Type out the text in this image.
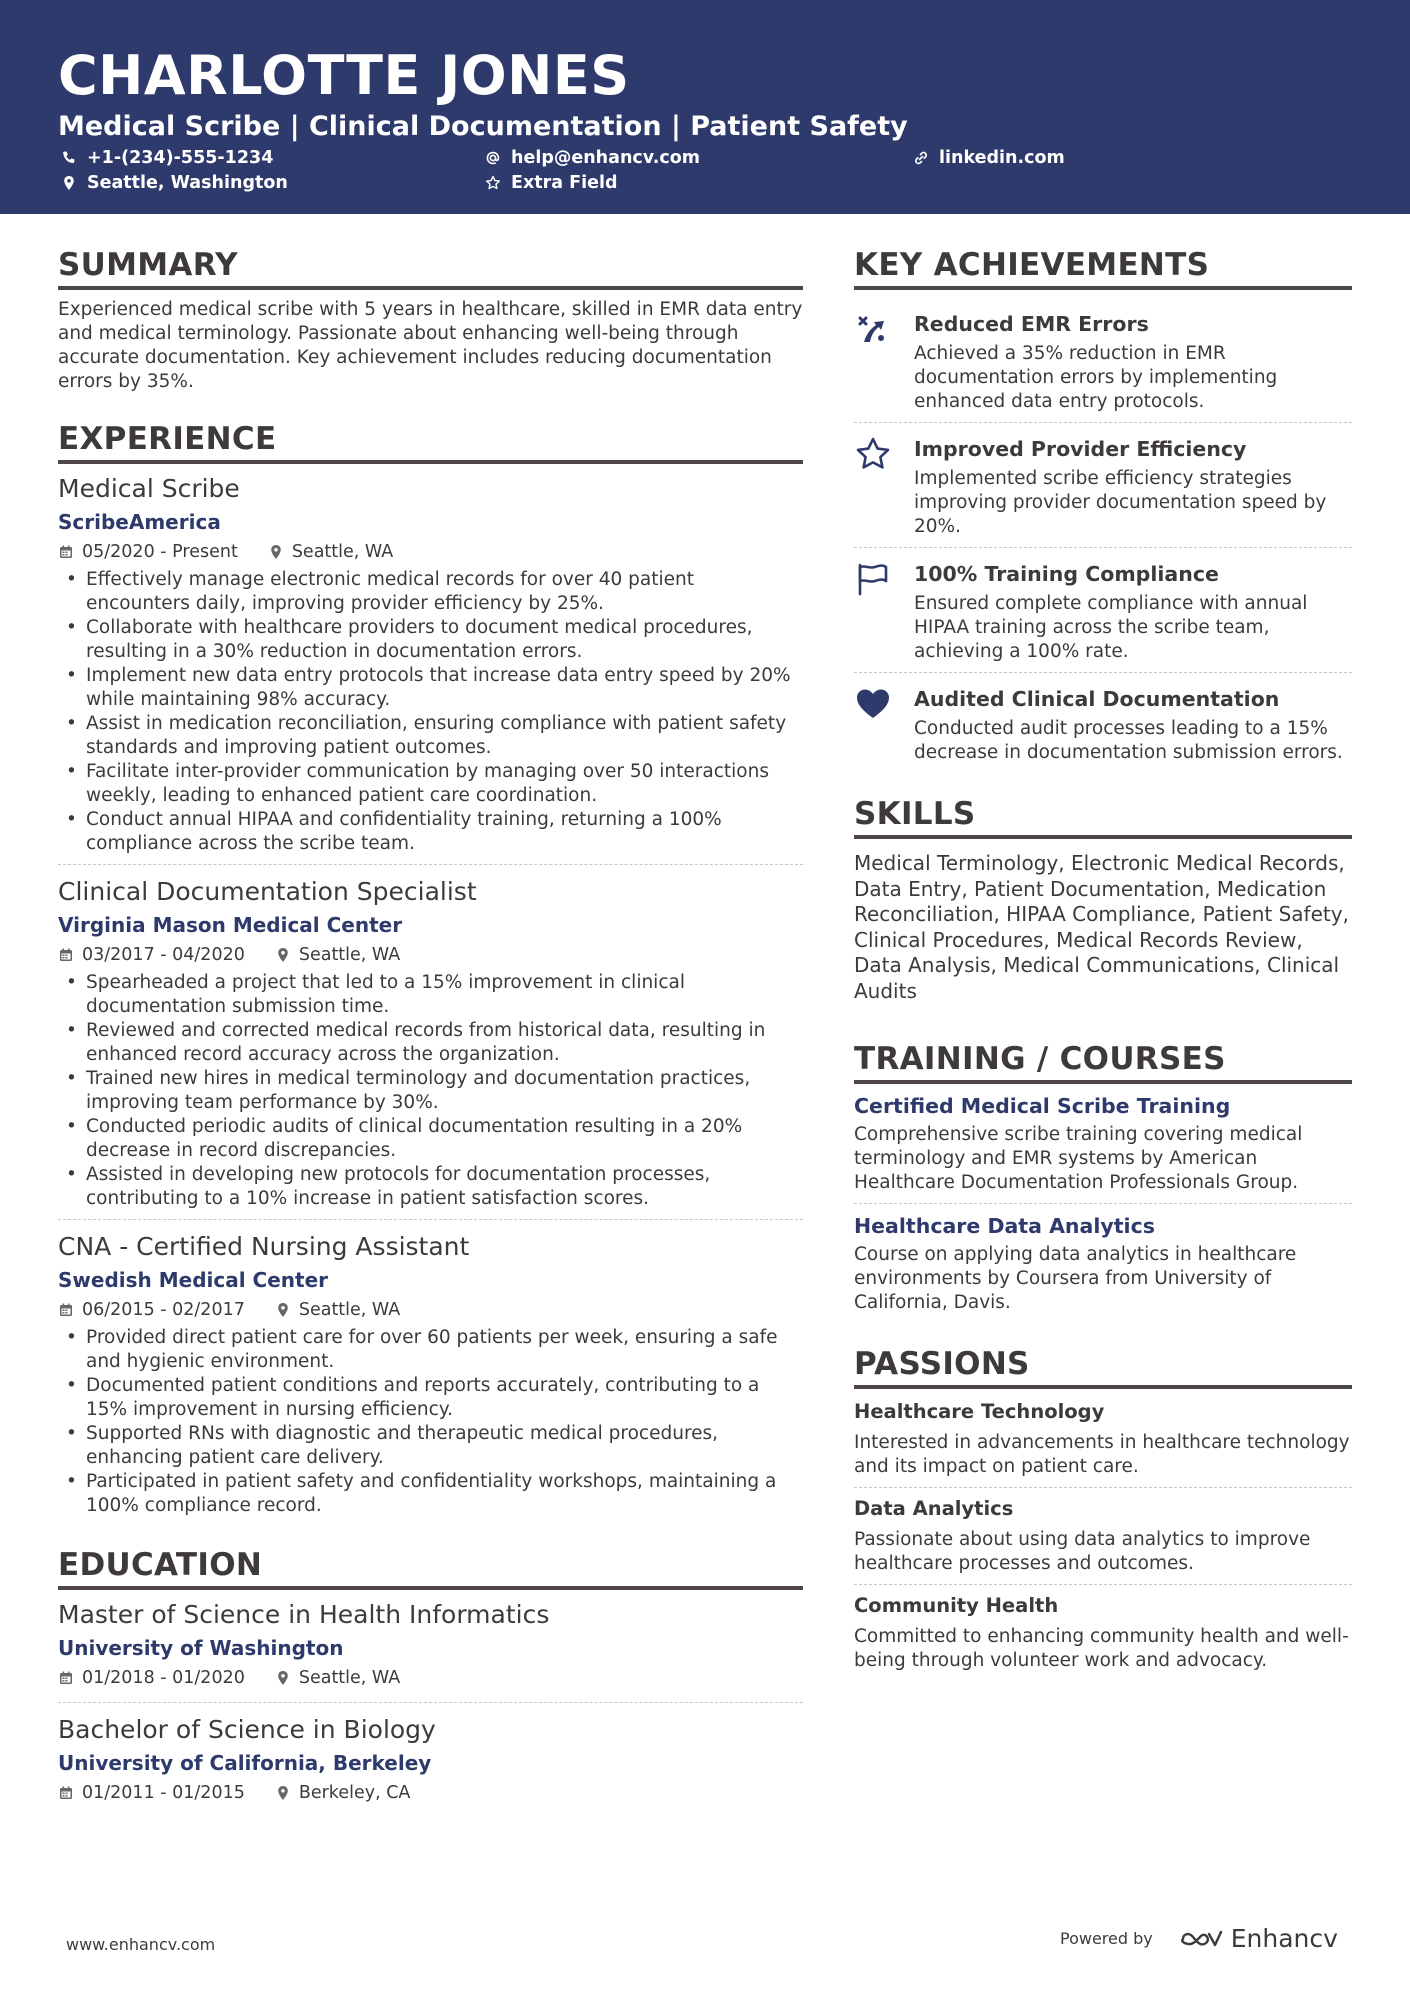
CHARLOTTE JONES
Medical Scribe | Clinical Documentation | Patient Safety
+1-(234)-555-1234	help@enhancv.com	linkedin.com
Seattle, Washington	Extra Field
SUMMARY
Experienced medical scribe with 5 years in healthcare, skilled in EMR data entry and medical terminology. Passionate about enhancing well-being through accurate documentation. Key achievement includes reducing documentation errors by 35%.
EXPERIENCE
Medical Scribe
ScribeAmerica
05/2020 - Present	Seattle, WA
• Effectively manage electronic medical records for over 40 patient encounters daily, improving provider efficiency by 25%.
• Collaborate with healthcare providers to document medical procedures, resulting in a 30% reduction in documentation errors.
• Implement new data entry protocols that increase data entry speed by 20% while maintaining 98% accuracy.
• Assist in medication reconciliation, ensuring compliance with patient safety standards and improving patient outcomes.
• Facilitate inter-provider communication by managing over 50 interactions weekly, leading to enhanced patient care coordination.
• Conduct annual HIPAA and confidentiality training, returning a 100% compliance across the scribe team.
Clinical Documentation Specialist
Virginia Mason Medical Center
03/2017 - 04/2020	Seattle, WA
• Spearheaded a project that led to a 15% improvement in clinical documentation submission time.
• Reviewed and corrected medical records from historical data, resulting in enhanced record accuracy across the organization.
• Trained new hires in medical terminology and documentation practices, improving team performance by 30%.
• Conducted periodic audits of clinical documentation resulting in a 20% decrease in record discrepancies.
• Assisted in developing new protocols for documentation processes, contributing to a 10% increase in patient satisfaction scores.
CNA - Certified Nursing Assistant
Swedish Medical Center
06/2015 - 02/2017	Seattle, WA
• Provided direct patient care for over 60 patients per week, ensuring a safe and hygienic environment.
• Documented patient conditions and reports accurately, contributing to a 15% improvement in nursing efficiency.
• Supported RNs with diagnostic and therapeutic medical procedures, enhancing patient care delivery.
• Participated in patient safety and confidentiality workshops, maintaining a 100% compliance record.
EDUCATION
Master of Science in Health Informatics
University of Washington
01/2018 - 01/2020	Seattle, WA
Bachelor of Science in Biology
University of California, Berkeley
01/2011 - 01/2015	Berkeley, CA
KEY ACHIEVEMENTS
Reduced EMR Errors
Achieved a 35% reduction in EMR documentation errors by implementing enhanced data entry protocols.
Improved Provider Efficiency
Implemented scribe efficiency strategies improving provider documentation speed by 20%.
100% Training Compliance
Ensured complete compliance with annual HIPAA training across the scribe team, achieving a 100% rate.
Audited Clinical Documentation
Conducted audit processes leading to a 15% decrease in documentation submission errors.
SKILLS
Medical Terminology, Electronic Medical Records, Data Entry, Patient Documentation, Medication Reconciliation, HIPAA Compliance, Patient Safety, Clinical Procedures, Medical Records Review, Data Analysis, Medical Communications, Clinical Audits
TRAINING / COURSES
Certified Medical Scribe Training
Comprehensive scribe training covering medical terminology and EMR systems by American Healthcare Documentation Professionals Group.
Healthcare Data Analytics
Course on applying data analytics in healthcare environments by Coursera from University of California, Davis.
PASSIONS
Healthcare Technology
Interested in advancements in healthcare technology and its impact on patient care.
Data Analytics
Passionate about using data analytics to improve healthcare processes and outcomes.
Community Health
Committed to enhancing community health and well-being through volunteer work and advocacy.
www.enhancv.com	Powered by	Enhancv
